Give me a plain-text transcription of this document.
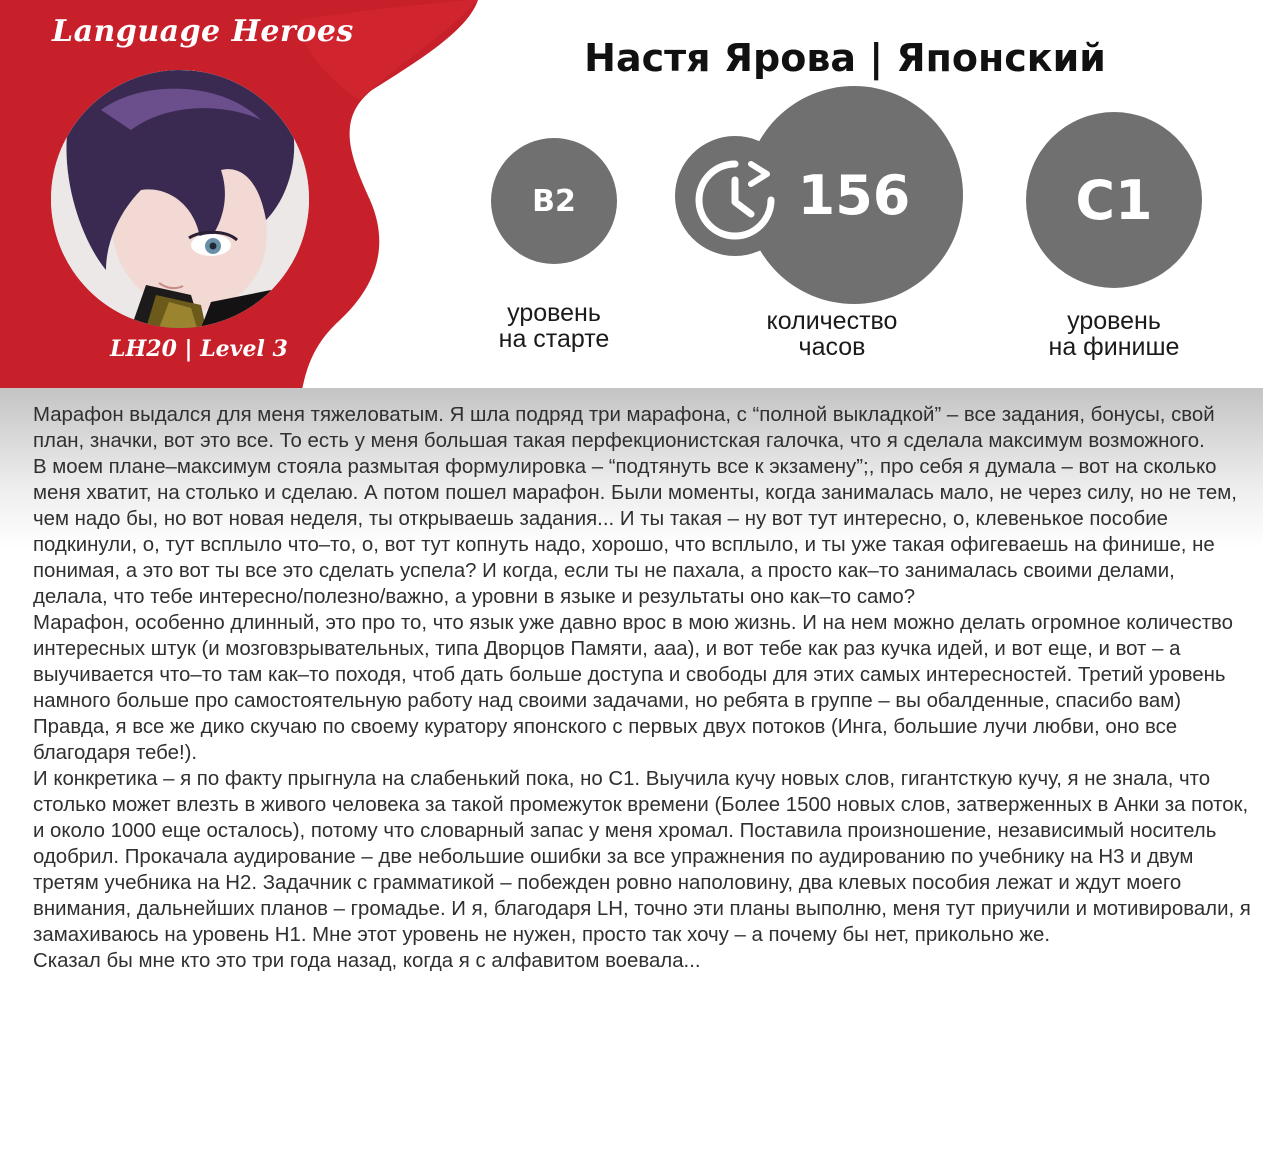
Language Heroes
LH20 | Level 3
Настя Ярова | Японский
B2
уровень
на старте
156
количество
часов
C1
уровень
на финише

Марафон выдался для меня тяжеловатым. Я шла подряд три марафона, с “полной выкладкой” – все задания, бонусы, свой план, значки, вот это все. То есть у меня большая такая перфекционистская галочка, что я сделала максимум возможного.

В моем плане–максимум стояла размытая формулировка – “подтянуть все к экзамену”;, про себя я думала – вот на сколько меня хватит, на столько и сделаю. А потом пошел марафон. Были моменты, когда занималась мало, не через силу, но не тем, чем надо бы, но вот новая неделя, ты открываешь задания... И ты такая – ну вот тут интересно, о, клевенькое пособие подкинули, о, тут всплыло что–то, о, вот тут копнуть надо, хорошо, что всплыло, и ты уже такая офигеваешь на финише, не понимая, а это вот ты все это сделать успела? И когда, если ты не пахала, а просто как–то занималась своими делами, делала, что тебе интересно/полезно/важно, а уровни в языке и результаты оно как–то само?

Марафон, особенно длинный, это про то, что язык уже давно врос в мою жизнь. И на нем можно делать огромное количество интересных штук (и мозговзрывательных, типа Дворцов Памяти, ааа), и вот тебе как раз кучка идей, и вот еще, и вот – а выучивается что–то там как–то походя, чтоб дать больше доступа и свободы для этих самых интересностей. Третий уровень намного больше про самостоятельную работу над своими задачами, но ребята в группе – вы обалденные, спасибо вам) Правда, я все же дико скучаю по своему куратору японского с первых двух потоков (Инга, большие лучи любви, оно все благодаря тебе!).

И конкретика – я по факту прыгнула на слабенький пока, но С1. Выучила кучу новых слов, гигантсткую кучу, я не знала, что столько может влезть в живого человека за такой промежуток времени (Более 1500 новых слов, затверженных в Анки за поток, и около 1000 еще осталось), потому что словарный запас у меня хромал. Поставила произношение, независимый носитель одобрил. Прокачала аудирование – две небольшие ошибки за все упражнения по аудированию по учебнику на Н3 и двум третям учебника на Н2. Задачник с грамматикой – побежден ровно наполовину, два клевых пособия лежат и ждут моего внимания, дальнейших планов – громадье. И я, благодаря LH, точно эти планы выполню, меня тут приучили и мотивировали, я замахиваюсь на уровень Н1. Мне этот уровень не нужен, просто так хочу – а почему бы нет, прикольно же.

Сказал бы мне кто это три года назад, когда я с алфавитом воевала...
